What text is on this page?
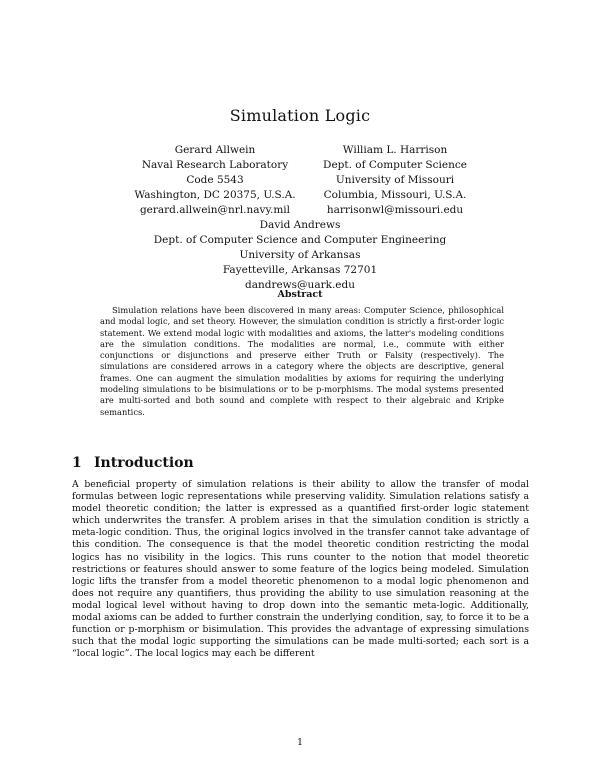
Simulation Logic
Gerard Allwein
Naval Research Laboratory
Code 5543
Washington, DC 20375, U.S.A.
gerard.allwein@nrl.navy.mil
William L. Harrison
Dept. of Computer Science
University of Missouri
Columbia, Missouri, U.S.A.
harrisonwl@missouri.edu
David Andrews
Dept. of Computer Science and Computer Engineering
University of Arkansas
Fayetteville, Arkansas 72701
dandrews@uark.edu
Abstract
Simulation relations have been discovered in many areas: Computer Science, philosophical and modal logic, and set theory. However, the simulation condition is strictly a first-order logic statement. We extend modal logic with modalities and axioms, the latter's modeling conditions are the simulation conditions. The modalities are normal, i.e., commute with either conjunctions or disjunctions and preserve either Truth or Falsity (respectively). The simulations are considered arrows in a category where the objects are descriptive, general frames. One can augment the simulation modalities by axioms for requiring the underlying modeling simulations to be bisimulations or to be p-morphisms. The modal systems presented are multi-sorted and both sound and complete with respect to their algebraic and Kripke semantics.
1 Introduction
A beneficial property of simulation relations is their ability to allow the transfer of modal formulas between logic representations while preserving validity. Simulation relations satisfy a model theoretic condition; the latter is expressed as a quantified first-order logic statement which underwrites the transfer. A problem arises in that the simulation condition is strictly a meta-logic condition. Thus, the original logics involved in the transfer cannot take advantage of this condition. The consequence is that the model theoretic condition restricting the modal logics has no visibility in the logics. This runs counter to the notion that model theoretic restrictions or features should answer to some feature of the logics being modeled. Simulation logic lifts the transfer from a model theoretic phenomenon to a modal logic phenomenon and does not require any quantifiers, thus providing the ability to use simulation reasoning at the modal logical level without having to drop down into the semantic meta-logic. Additionally, modal axioms can be added to further constrain the underlying condition, say, to force it to be a function or p-morphism or bisimulation. This provides the advantage of expressing simulations such that the modal logic supporting the simulations can be made multi-sorted; each sort is a “local logic”. The local logics may each be different
1
